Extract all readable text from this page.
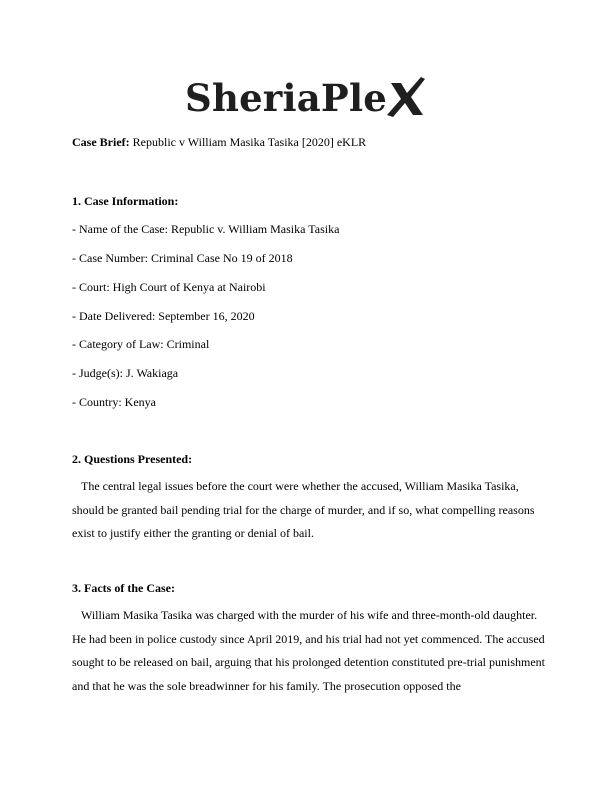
SheriaPle
Case Brief: Republic v William Masika Tasika [2020] eKLR
1. Case Information:
- Name of the Case: Republic v. William Masika Tasika
- Case Number: Criminal Case No 19 of 2018
- Court: High Court of Kenya at Nairobi
- Date Delivered: September 16, 2020
- Category of Law: Criminal
- Judge(s): J. Wakiaga
- Country: Kenya
2. Questions Presented:

The central legal issues before the court were whether the accused, William Masika Tasika, should be granted bail pending trial for the charge of murder, and if so, what compelling reasons exist to justify either the granting or denial of bail.

3. Facts of the Case:

William Masika Tasika was charged with the murder of his wife and three-month-old daughter. He had been in police custody since April 2019, and his trial had not yet commenced. The accused sought to be released on bail, arguing that his prolonged detention constituted pre-trial punishment and that he was the sole breadwinner for his family. The prosecution opposed the
